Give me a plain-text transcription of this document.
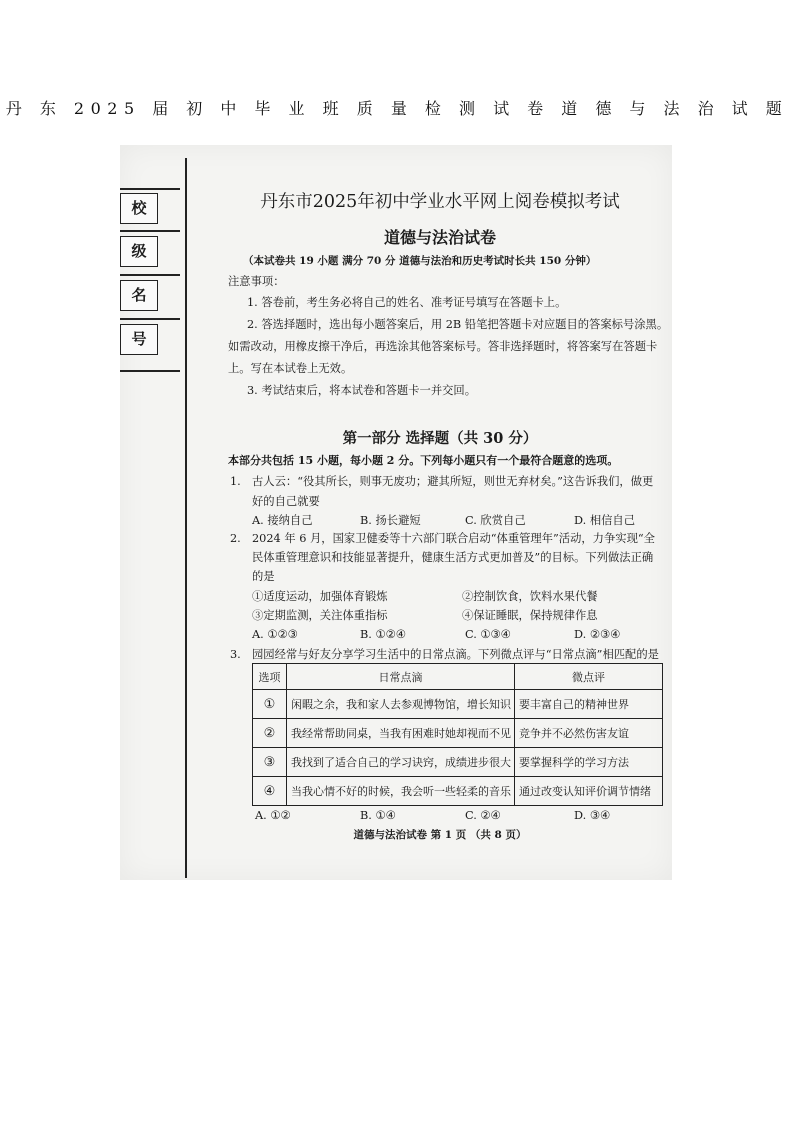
丹 东 2025 届 初 中 毕 业 班 质 量 检 测 试 卷 道 德 与 法 治 试 题
校
级
名
号
丹东市2025年初中学业水平网上阅卷模拟考试
道德与法治试卷
（本试卷共 19 小题 满分 70 分 道德与法治和历史考试时长共 150 分钟）
注意事项：
1. 答卷前，考生务必将自己的姓名、准考证号填写在答题卡上。
2. 答选择题时，选出每小题答案后，用 2B 铅笔把答题卡对应题目的答案标号涂黑。
如需改动，用橡皮擦干净后，再选涂其他答案标号。答非选择题时，将答案写在答题卡
上。写在本试卷上无效。
3. 考试结束后，将本试卷和答题卡一并交回。
第一部分 选择题（共 30 分）
本部分共包括 15 小题，每小题 2 分。下列每小题只有一个最符合题意的选项。
1. 古人云：“役其所长，则事无废功；避其所短，则世无弃材矣。”这告诉我们，做更
好的自己就要
A. 接纳自己	B. 扬长避短	C. 欣赏自己	D. 相信自己
2. 2024 年 6 月，国家卫健委等十六部门联合启动“体重管理年”活动，力争实现“全
民体重管理意识和技能显著提升，健康生活方式更加普及”的目标。下列做法正确
的是
①适度运动，加强体育锻炼	②控制饮食，饮料水果代餐
③定期监测，关注体重指标	④保证睡眠，保持规律作息
A. ①②③	B. ①②④	C. ①③④	D. ②③④
3. 园园经常与好友分享学习生活中的日常点滴。下列微点评与“日常点滴”相匹配的是
选项	日常点滴	微点评
①	闲暇之余，我和家人去参观博物馆，增长知识	要丰富自己的精神世界
②	我经常帮助同桌，当我有困难时她却视而不见	竞争并不必然伤害友谊
③	我找到了适合自己的学习诀窍，成绩进步很大	要掌握科学的学习方法
④	当我心情不好的时候，我会听一些轻柔的音乐	通过改变认知评价调节情绪
A. ①②	B. ①④	C. ②④	D. ③④
道德与法治试卷 第 1 页 （共 8 页）
